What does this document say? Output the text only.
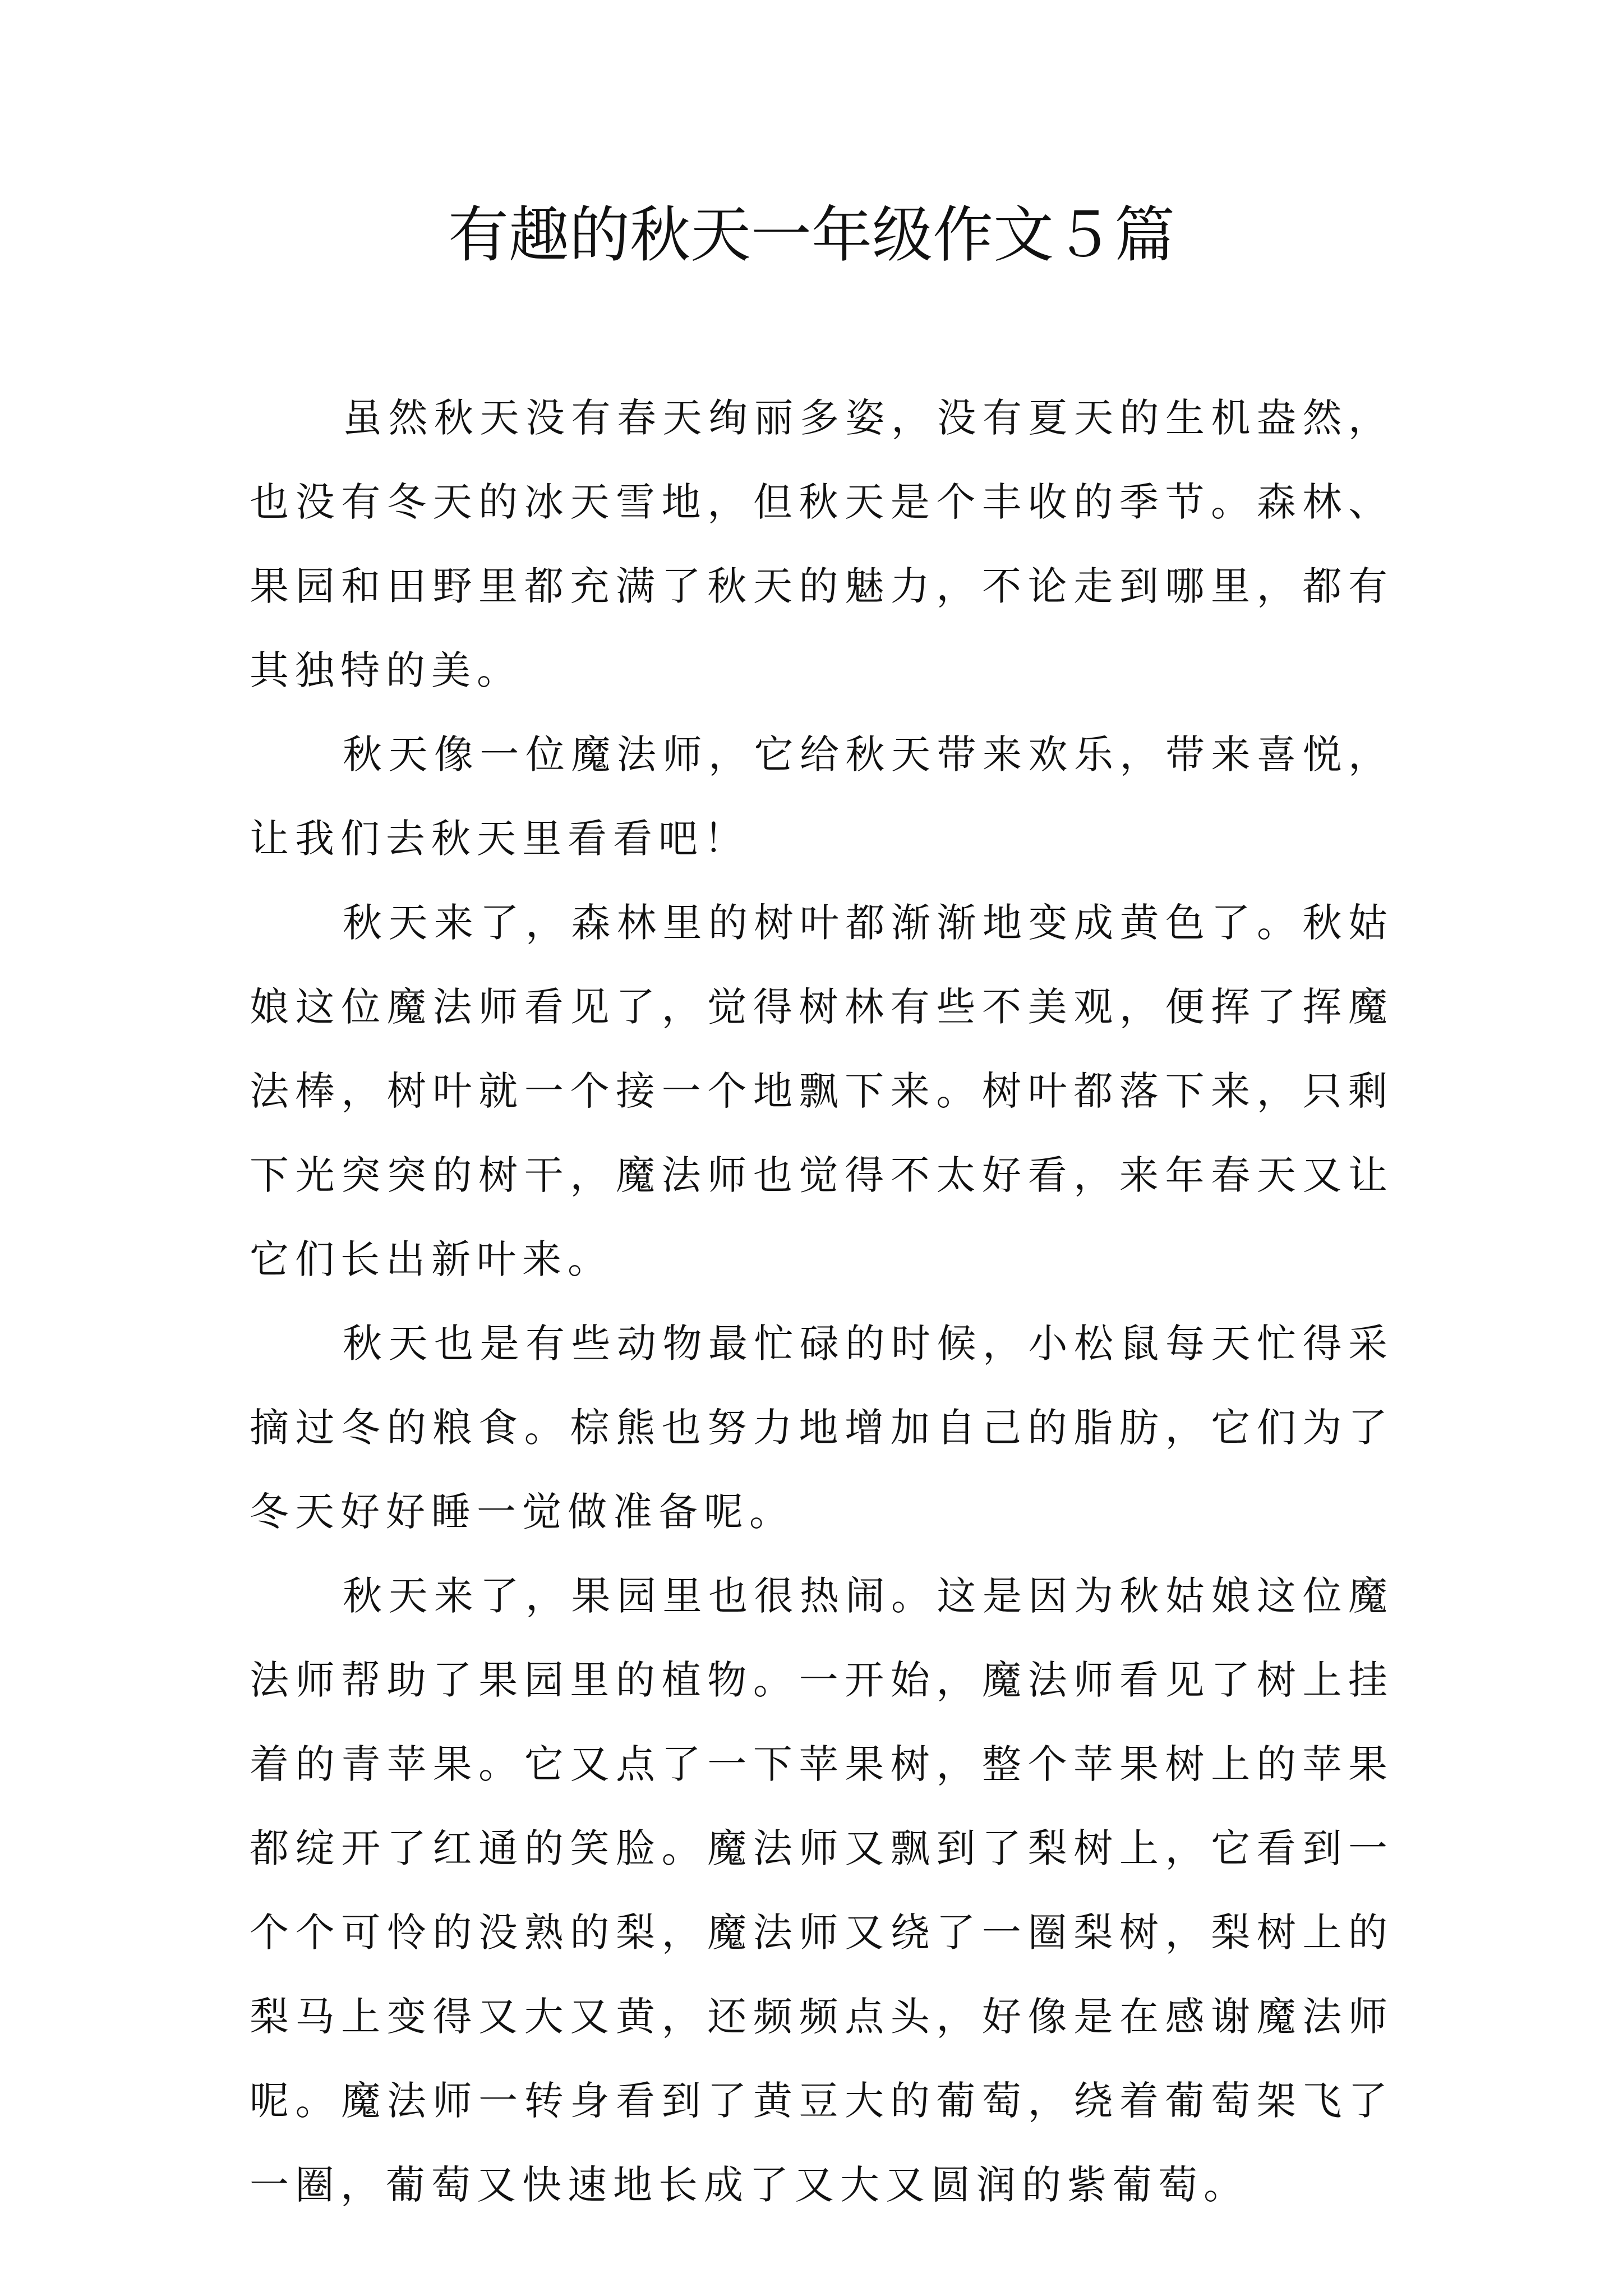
有趣的秋天一年级作文５篇

虽然秋天没有春天绚丽多姿，没有夏天的生机盎然，也没有冬天的冰天雪地，但秋天是个丰收的季节。森林、果园和田野里都充满了秋天的魅力，不论走到哪里，都有其独特的美。

秋天像一位魔法师，它给秋天带来欢乐，带来喜悦，让我们去秋天里看看吧！

秋天来了，森林里的树叶都渐渐地变成黄色了。秋姑娘这位魔法师看见了，觉得树林有些不美观，便挥了挥魔法棒，树叶就一个接一个地飘下来。树叶都落下来，只剩下光突突的树干，魔法师也觉得不太好看，来年春天又让它们长出新叶来。

秋天也是有些动物最忙碌的时候，小松鼠每天忙得采摘过冬的粮食。棕熊也努力地增加自己的脂肪，它们为了冬天好好睡一觉做准备呢。

秋天来了，果园里也很热闹。这是因为秋姑娘这位魔法师帮助了果园里的植物。一开始，魔法师看见了树上挂着的青苹果。它又点了一下苹果树，整个苹果树上的苹果都绽开了红通的笑脸。魔法师又飘到了梨树上，它看到一个个可怜的没熟的梨，魔法师又绕了一圈梨树，梨树上的梨马上变得又大又黄，还频频点头，好像是在感谢魔法师呢。魔法师一转身看到了黄豆大的葡萄，绕着葡萄架飞了一圈，葡萄又快速地长成了又大又圆润的紫葡萄。
